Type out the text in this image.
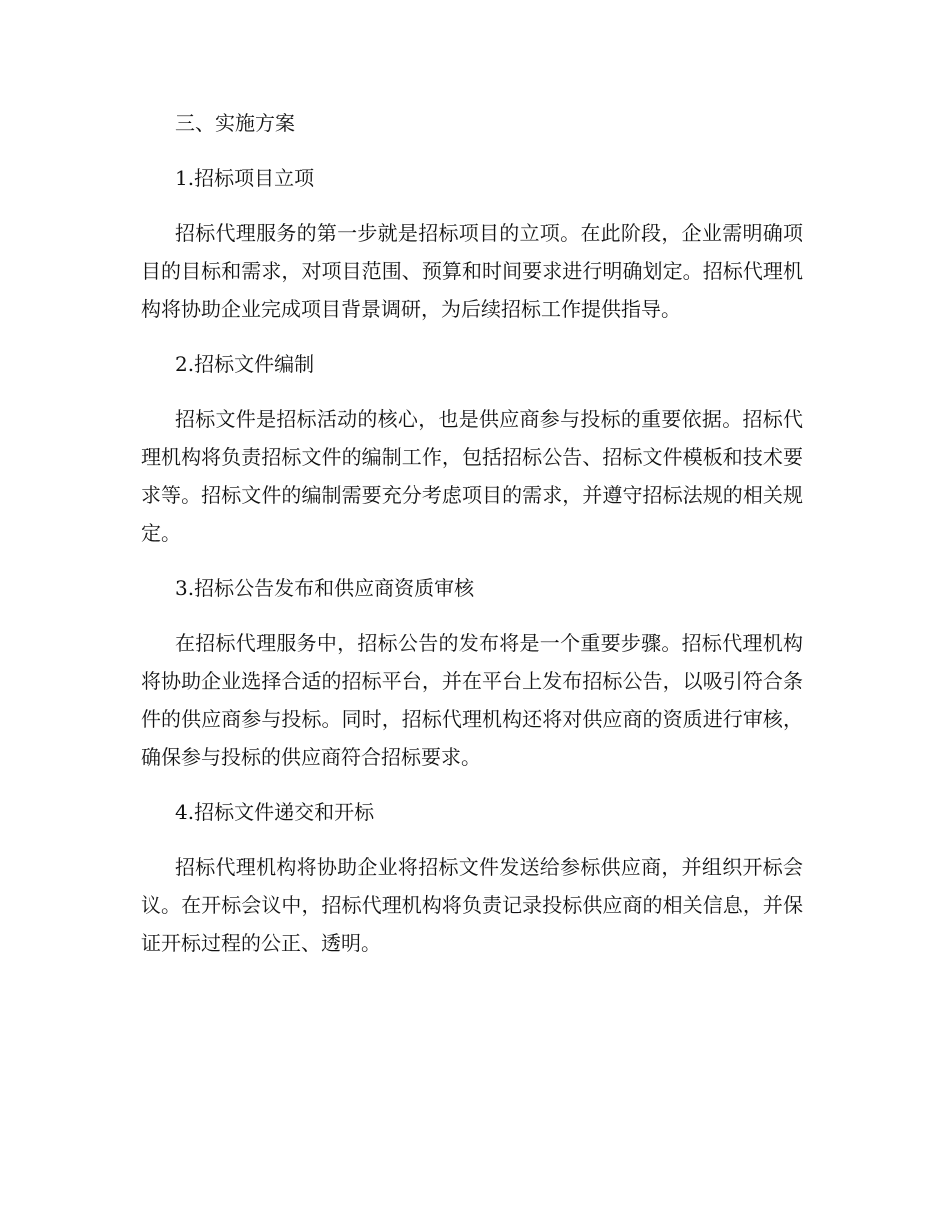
三、实施方案

1.招标项目立项

招标代理服务的第一步就是招标项目的立项。在此阶段，企业需明确项目的目标和需求，对项目范围、预算和时间要求进行明确划定。招标代理机构将协助企业完成项目背景调研，为后续招标工作提供指导。

2.招标文件编制

招标文件是招标活动的核心，也是供应商参与投标的重要依据。招标代理机构将负责招标文件的编制工作，包括招标公告、招标文件模板和技术要求等。招标文件的编制需要充分考虑项目的需求，并遵守招标法规的相关规定。

3.招标公告发布和供应商资质审核

在招标代理服务中，招标公告的发布将是一个重要步骤。招标代理机构将协助企业选择合适的招标平台，并在平台上发布招标公告，以吸引符合条件的供应商参与投标。同时，招标代理机构还将对供应商的资质进行审核，确保参与投标的供应商符合招标要求。

4.招标文件递交和开标

招标代理机构将协助企业将招标文件发送给参标供应商，并组织开标会议。在开标会议中，招标代理机构将负责记录投标供应商的相关信息，并保证开标过程的公正、透明。
